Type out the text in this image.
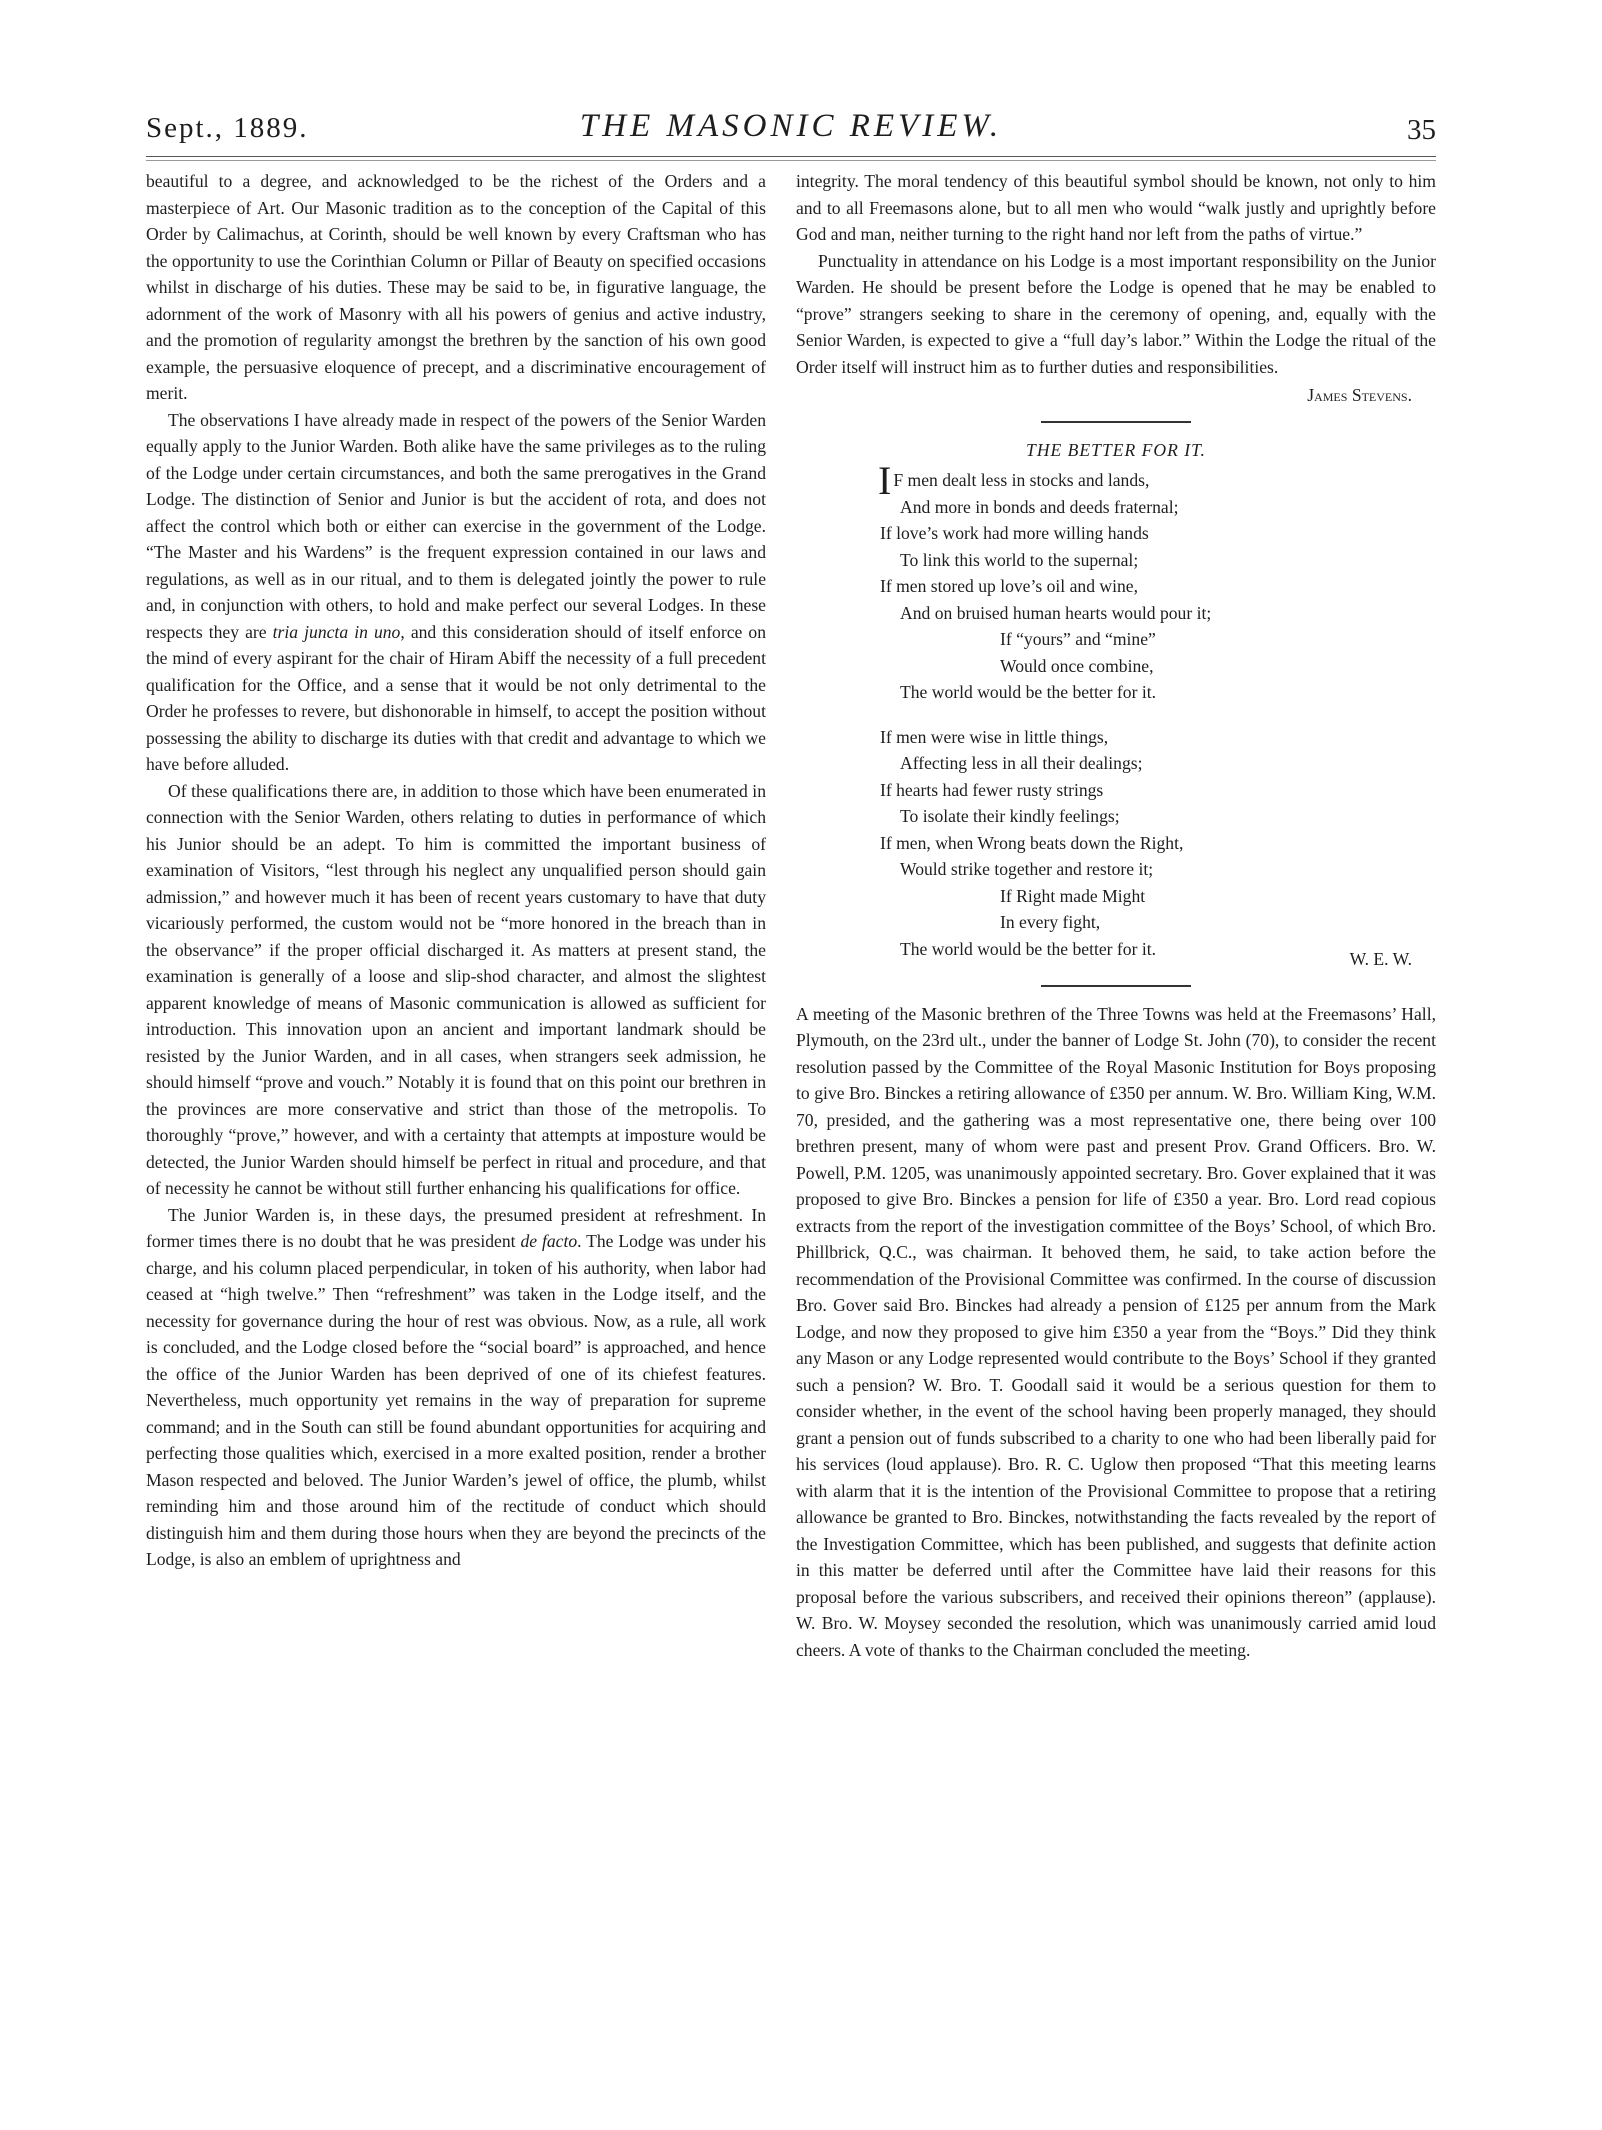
Sept., 1889.	THE MASONIC REVIEW.	35

beautiful to a degree, and acknowledged to be the richest of the Orders and a masterpiece of Art. Our Masonic tradition as to the conception of the Capital of this Order by Calimachus, at Corinth, should be well known by every Craftsman who has the opportunity to use the Corinthian Column or Pillar of Beauty on specified occasions whilst in discharge of his duties. These may be said to be, in figurative language, the adornment of the work of Masonry with all his powers of genius and active industry, and the promotion of regularity amongst the brethren by the sanction of his own good example, the persuasive eloquence of precept, and a discriminative encouragement of merit.

The observations I have already made in respect of the powers of the Senior Warden equally apply to the Junior Warden. Both alike have the same privileges as to the ruling of the Lodge under certain circumstances, and both the same prerogatives in the Grand Lodge. The distinction of Senior and Junior is but the accident of rota, and does not affect the control which both or either can exercise in the government of the Lodge. “The Master and his Wardens” is the frequent expression contained in our laws and regulations, as well as in our ritual, and to them is delegated jointly the power to rule and, in conjunction with others, to hold and make perfect our several Lodges. In these respects they are tria juncta in uno, and this consideration should of itself enforce on the mind of every aspirant for the chair of Hiram Abiff the necessity of a full precedent qualification for the Office, and a sense that it would be not only detrimental to the Order he professes to revere, but dishonorable in himself, to accept the position without possessing the ability to discharge its duties with that credit and advantage to which we have before alluded.

Of these qualifications there are, in addition to those which have been enumerated in connection with the Senior Warden, others relating to duties in performance of which his Junior should be an adept. To him is committed the important business of examination of Visitors, “lest through his neglect any unqualified person should gain admission,” and however much it has been of recent years customary to have that duty vicariously performed, the custom would not be “more honored in the breach than in the observance” if the proper official discharged it. As matters at present stand, the examination is generally of a loose and slip-shod character, and almost the slightest apparent knowledge of means of Masonic communication is allowed as sufficient for introduction. This innovation upon an ancient and important landmark should be resisted by the Junior Warden, and in all cases, when strangers seek admission, he should himself “prove and vouch.” Notably it is found that on this point our brethren in the provinces are more conservative and strict than those of the metropolis. To thoroughly “prove,” however, and with a certainty that attempts at imposture would be detected, the Junior Warden should himself be perfect in ritual and procedure, and that of necessity he cannot be without still further enhancing his qualifications for office.

The Junior Warden is, in these days, the presumed president at refreshment. In former times there is no doubt that he was president de facto. The Lodge was under his charge, and his column placed perpendicular, in token of his authority, when labor had ceased at “high twelve.” Then “refreshment” was taken in the Lodge itself, and the necessity for governance during the hour of rest was obvious. Now, as a rule, all work is concluded, and the Lodge closed before the “social board” is approached, and hence the office of the Junior Warden has been deprived of one of its chiefest features. Nevertheless, much opportunity yet remains in the way of preparation for supreme command; and in the South can still be found abundant opportunities for acquiring and perfecting those qualities which, exercised in a more exalted position, render a brother Mason respected and beloved. The Junior Warden’s jewel of office, the plumb, whilst reminding him and those around him of the rectitude of conduct which should distinguish him and them during those hours when they are beyond the precincts of the Lodge, is also an emblem of uprightness and

integrity. The moral tendency of this beautiful symbol should be known, not only to him and to all Freemasons alone, but to all men who would “walk justly and uprightly before God and man, neither turning to the right hand nor left from the paths of virtue.”

Punctuality in attendance on his Lodge is a most important responsibility on the Junior Warden. He should be present before the Lodge is opened that he may be enabled to “prove” strangers seeking to share in the ceremony of opening, and, equally with the Senior Warden, is expected to give a “full day’s labor.” Within the Lodge the ritual of the Order itself will instruct him as to further duties and responsibilities.

James Stevens.
THE BETTER FOR IT.
I F men dealt less in stocks and lands,
And more in bonds and deeds fraternal;
If love’s work had more willing hands
To link this world to the supernal;
If men stored up love’s oil and wine,
And on bruised human hearts would pour it;
If “yours” and “mine”
Would once combine,
The world would be the better for it.
If men were wise in little things,
Affecting less in all their dealings;
If hearts had fewer rusty strings
To isolate their kindly feelings;
If men, when Wrong beats down the Right,
Would strike together and restore it;
If Right made Might
In every fight,
The world would be the better for it.
W. E. W.

A meeting of the Masonic brethren of the Three Towns was held at the Freemasons’ Hall, Plymouth, on the 23rd ult., under the banner of Lodge St. John (70), to consider the recent resolution passed by the Committee of the Royal Masonic Institution for Boys proposing to give Bro. Binckes a retiring allowance of £350 per annum. W. Bro. William King, W.M. 70, presided, and the gathering was a most representative one, there being over 100 brethren present, many of whom were past and present Prov. Grand Officers. Bro. W. Powell, P.M. 1205, was unanimously appointed secretary. Bro. Gover explained that it was proposed to give Bro. Binckes a pension for life of £350 a year. Bro. Lord read copious extracts from the report of the investigation committee of the Boys’ School, of which Bro. Phillbrick, Q.C., was chairman. It behoved them, he said, to take action before the recommendation of the Provisional Committee was confirmed. In the course of discussion Bro. Gover said Bro. Binckes had already a pension of £125 per annum from the Mark Lodge, and now they proposed to give him £350 a year from the “Boys.” Did they think any Mason or any Lodge represented would contribute to the Boys’ School if they granted such a pension? W. Bro. T. Goodall said it would be a serious question for them to consider whether, in the event of the school having been properly managed, they should grant a pension out of funds subscribed to a charity to one who had been liberally paid for his services (loud applause). Bro. R. C. Uglow then proposed “That this meeting learns with alarm that it is the intention of the Provisional Committee to propose that a retiring allowance be granted to Bro. Binckes, notwithstanding the facts revealed by the report of the Investigation Committee, which has been published, and suggests that definite action in this matter be deferred until after the Committee have laid their reasons for this proposal before the various subscribers, and received their opinions thereon” (applause). W. Bro. W. Moysey seconded the resolution, which was unanimously carried amid loud cheers. A vote of thanks to the Chairman concluded the meeting.
